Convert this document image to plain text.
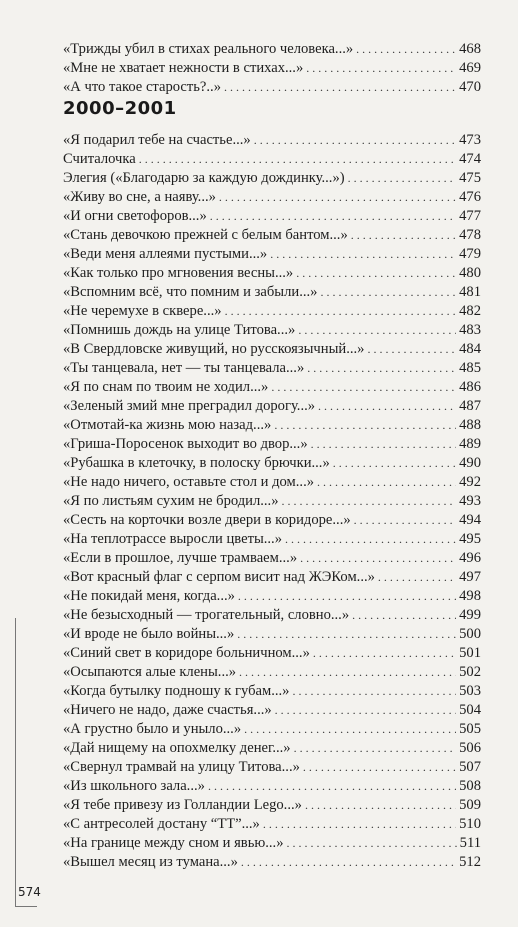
«Трижды убил в стихах реального человека...» . . .	468
«Мне не хватает нежности в стихах...» . . .	469
«А что такое старость?..» . . .	470
2000–2001
«Я подарил тебе на счастье...» . . .	473
Считалочка . . .	474
Элегия («Благодарю за каждую дождинку...») . . .	475
«Живу во сне, а наяву...» . . .	476
«И огни светофоров...» . . .	477
«Стань девочкою прежней с белым бантом...» . . .	478
«Веди меня аллеями пустыми...» . . .	479
«Как только про мгновения весны...» . . .	480
«Вспомним всё, что помним и забыли...» . . .	481
«Не черемухе в сквере...» . . .	482
«Помнишь дождь на улице Титова...» . . .	483
«В Свердловске живущий, но русскоязычный...» . . .	484
«Ты танцевала, нет — ты танцевала...» . . .	485
«Я по снам по твоим не ходил...» . . .	486
«Зеленый змий мне преградил дорогу...» . . .	487
«Отмотай-ка жизнь мою назад...» . . .	488
«Гриша-Поросенок выходит во двор...» . . .	489
«Рубашка в клеточку, в полоску брючки...» . . .	490
«Не надо ничего, оставьте стол и дом...» . . .	492
«Я по листьям сухим не бродил...» . . .	493
«Сесть на корточки возле двери в коридоре...» . . .	494
«На теплотрассе выросли цветы...» . . .	495
«Если в прошлое, лучше трамваем...» . . .	496
«Вот красный флаг с серпом висит над ЖЭКом...» . . .	497
«Не покидай меня, когда...» . . .	498
«Не безысходный — трогательный, словно...» . . .	499
«И вроде не было войны...» . . .	500
«Синий свет в коридоре больничном...» . . .	501
«Осыпаются алые клены...» . . .	502
«Когда бутылку подношу к губам...» . . .	503
«Ничего не надо, даже счастья...» . . .	504
«А грустно было и уныло...» . . .	505
«Дай нищему на опохмелку денег...» . . .	506
«Свернул трамвай на улицу Титова...» . . .	507
«Из школьного зала...» . . .	508
«Я тебе привезу из Голландии Lego...» . . .	509
«С антресолей достану “ТТ”...» . . .	510
«На границе между сном и явью...» . . .	511
«Вышел месяц из тумана...» . . .	512
574
